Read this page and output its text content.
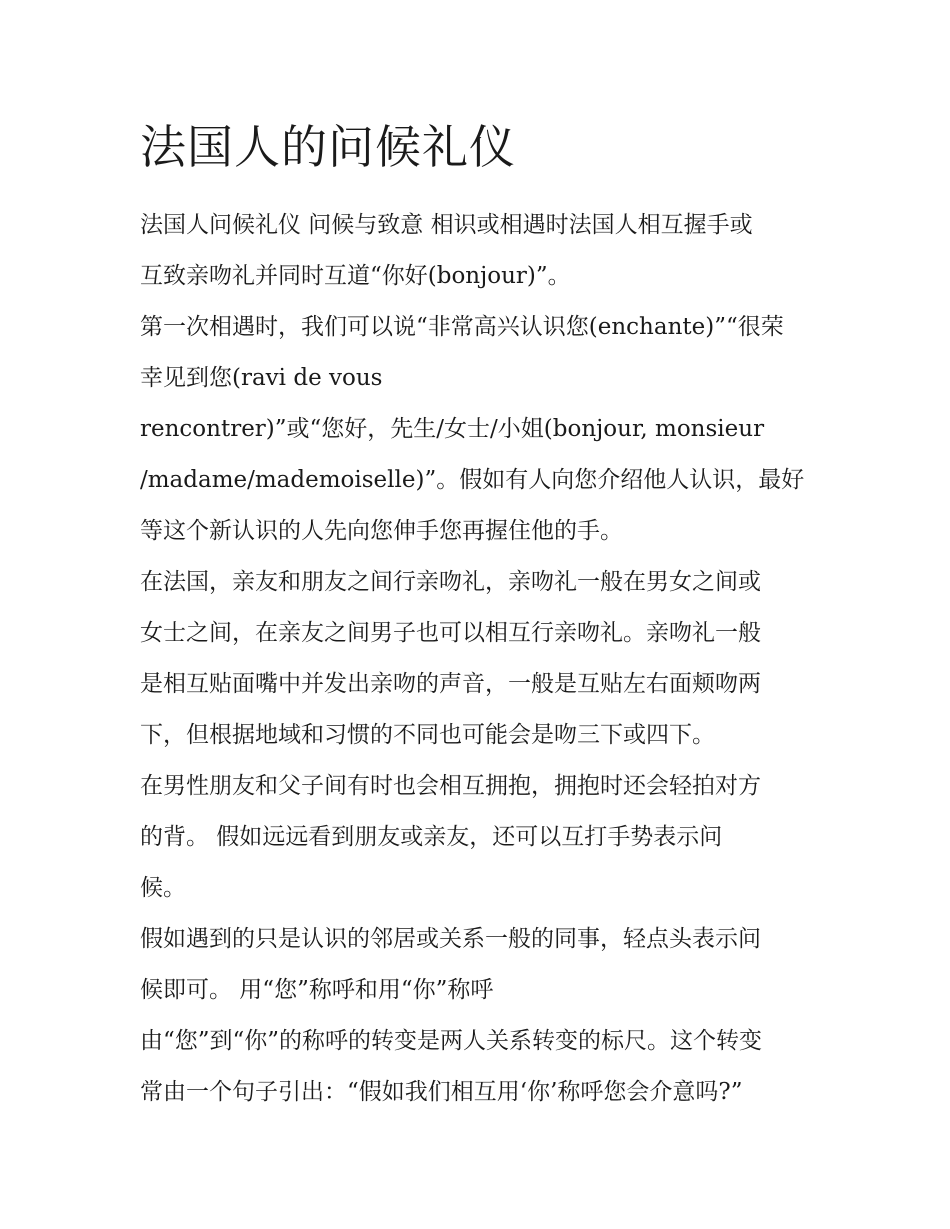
法国人的问候礼仪

法国人问候礼仪 问候与致意 相识或相遇时法国人相互握手或

互致亲吻礼并同时互道“你好(bonjour)”。

第一次相遇时，我们可以说“非常高兴认识您(enchante)”“很荣

幸见到您(ravi de vous

rencontrer)”或“您好，先生/女士/小姐(bonjour, monsieur

/madame/mademoiselle)”。假如有人向您介绍他人认识，最好

等这个新认识的人先向您伸手您再握住他的手。

在法国，亲友和朋友之间行亲吻礼，亲吻礼一般在男女之间或

女士之间，在亲友之间男子也可以相互行亲吻礼。亲吻礼一般

是相互贴面嘴中并发出亲吻的声音，一般是互贴左右面颊吻两

下，但根据地域和习惯的不同也可能会是吻三下或四下。

在男性朋友和父子间有时也会相互拥抱，拥抱时还会轻拍对方

的背。 假如远远看到朋友或亲友，还可以互打手势表示问

候。

假如遇到的只是认识的邻居或关系一般的同事，轻点头表示问

候即可。 用“您”称呼和用“你”称呼

由“您”到“你”的称呼的转变是两人关系转变的标尺。这个转变

常由一个句子引出：“假如我们相互用‘你’称呼您会介意吗?”
